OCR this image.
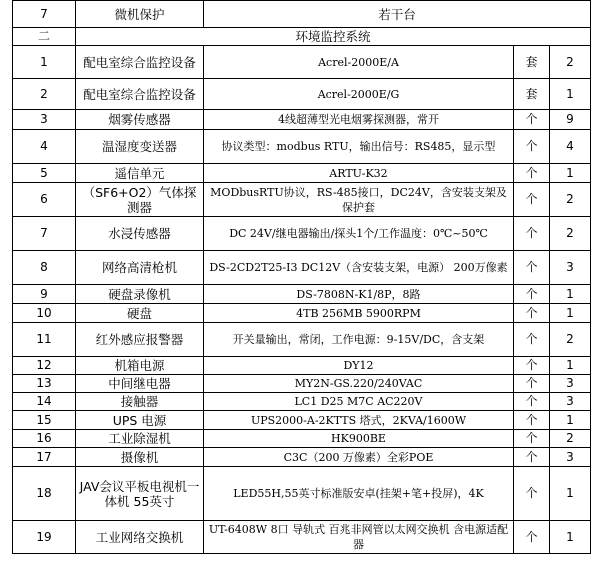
7	微机保护	若干台		
二	环境监控系统			
1	配电室综合监控设备	Acrel-2000E/A	套	2
2	配电室综合监控设备	Acrel-2000E/G	套	1
3	烟雾传感器	4线超薄型光电烟雾探测器，常开	个	9
4	温湿度变送器	协议类型：modbus RTU，输出信号：RS485，显示型	个	4
5	遥信单元	ARTU-K32	个	1
6	（SF6+O2）气体探测器	MODbusRTU协议，RS-485接口，DC24V，含安装支架及保护套	个	2
7	水浸传感器	DC 24V/继电器输出/探头1个/工作温度：0℃~50℃	个	2
8	网络高清枪机	DS-2CD2T25-I3 DC12V（含安装支架，电源） 200万像素	个	3
9	硬盘录像机	DS-7808N-K1/8P，8路	个	1
10	硬盘	4TB 256MB 5900RPM	个	1
11	红外感应报警器	开关量输出，常闭，工作电源：9-15V/DC，含支架	个	2
12	机箱电源	DY12	个	1
13	中间继电器	MY2N-GS.220/240VAC	个	3
14	接触器	LC1 D25 M7C AC220V	个	3
15	UPS 电源	UPS2000-A-2KTTS 塔式，2KVA/1600W	个	1
16	工业除湿机	HK900BE	个	2
17	摄像机	C3C（200 万像素）全彩POE	个	3
18	JAV会议平板电视机一体机 55英寸	LED55H,55英寸标准版安卓(挂架+笔+投屏)，4K	个	1
19	工业网络交换机	UT-6408W 8口 导轨式 百兆非网管以太网交换机 含电源适配器	个	1
